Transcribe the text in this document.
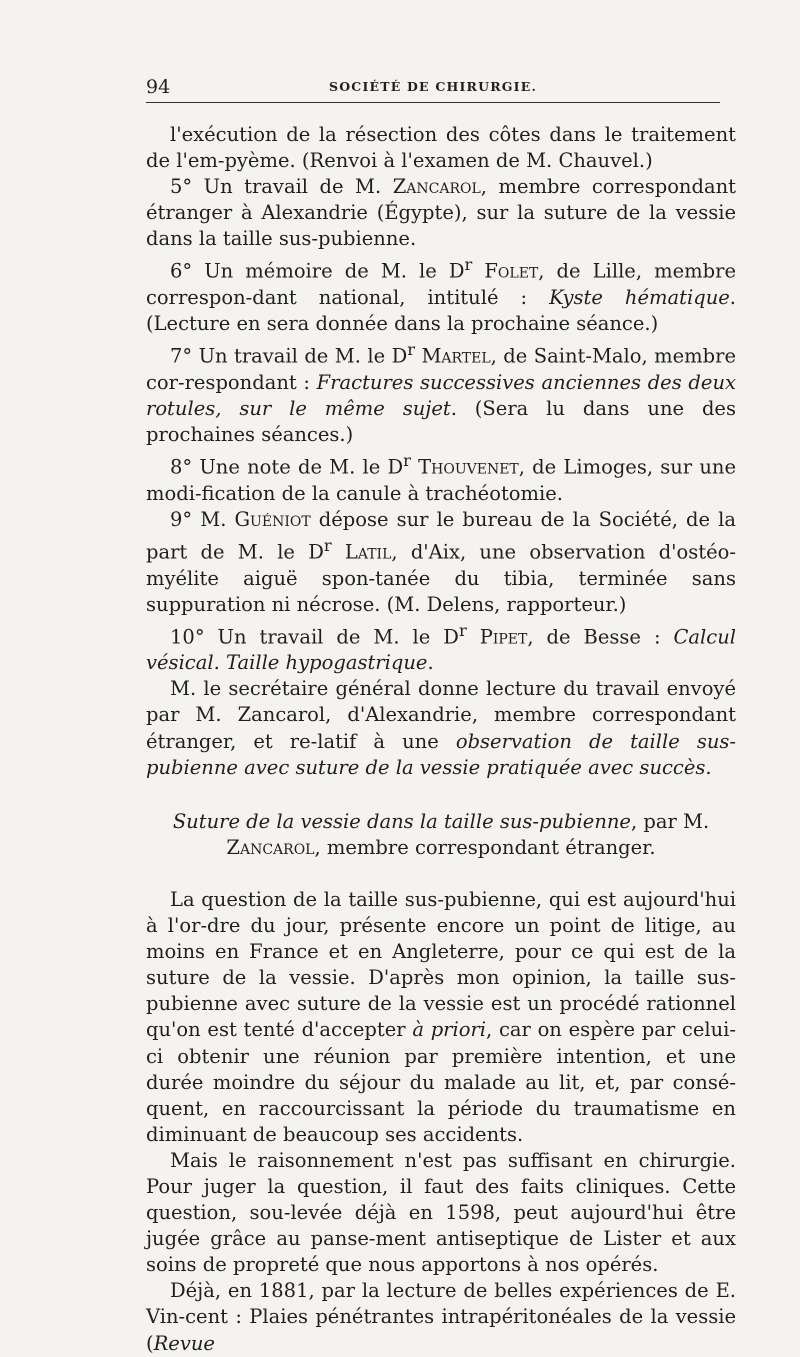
94	SOCIÉTÉ DE CHIRURGIE.

l'exécution de la résection des côtes dans le traitement de l'em-pyème. (Renvoi à l'examen de M. Chauvel.)

5° Un travail de M. Zancarol, membre correspondant étranger à Alexandrie (Égypte), sur la suture de la vessie dans la taille sus-pubienne.

6° Un mémoire de M. le $D^r$ Folet, de Lille, membre correspon-dant national, intitulé : Kyste hématique. (Lecture en sera donnée dans la prochaine séance.)

7° Un travail de M. le $D^r$ Martel, de Saint-Malo, membre cor-respondant : Fractures successives anciennes des deux rotules, sur le même sujet. (Sera lu dans une des prochaines séances.)

8° Une note de M. le $D^r$ Thouvenet, de Limoges, sur une modi-fication de la canule à trachéotomie.

9° M. Guéniot dépose sur le bureau de la Société, de la part de M. le $D^r$ Latil, d'Aix, une observation d'ostéo-myélite aiguë spon-tanée du tibia, terminée sans suppuration ni nécrose. (M. Delens, rapporteur.)

10° Un travail de M. le $D^r$ Pipet, de Besse : Calcul vésical. Taille hypogastrique.

M. le secrétaire général donne lecture du travail envoyé par M. Zancarol, d'Alexandrie, membre correspondant étranger, et re-latif à une observation de taille sus-pubienne avec suture de la vessie pratiquée avec succès.

Suture de la vessie dans la taille sus-pubienne, par M. Zancarol, membre correspondant étranger.

La question de la taille sus-pubienne, qui est aujourd'hui à l'or-dre du jour, présente encore un point de litige, au moins en France et en Angleterre, pour ce qui est de la suture de la vessie. D'après mon opinion, la taille sus-pubienne avec suture de la vessie est un procédé rationnel qu'on est tenté d'accepter à priori, car on espère par celui-ci obtenir une réunion par première intention, et une durée moindre du séjour du malade au lit, et, par consé-quent, en raccourcissant la période du traumatisme en diminuant de beaucoup ses accidents.

Mais le raisonnement n'est pas suffisant en chirurgie. Pour juger la question, il faut des faits cliniques. Cette question, sou-levée déjà en 1598, peut aujourd'hui être jugée grâce au panse-ment antiseptique de Lister et aux soins de propreté que nous apportons à nos opérés.

Déjà, en 1881, par la lecture de belles expériences de E. Vin-cent : Plaies pénétrantes intrapéritonéales de la vessie (Revue
